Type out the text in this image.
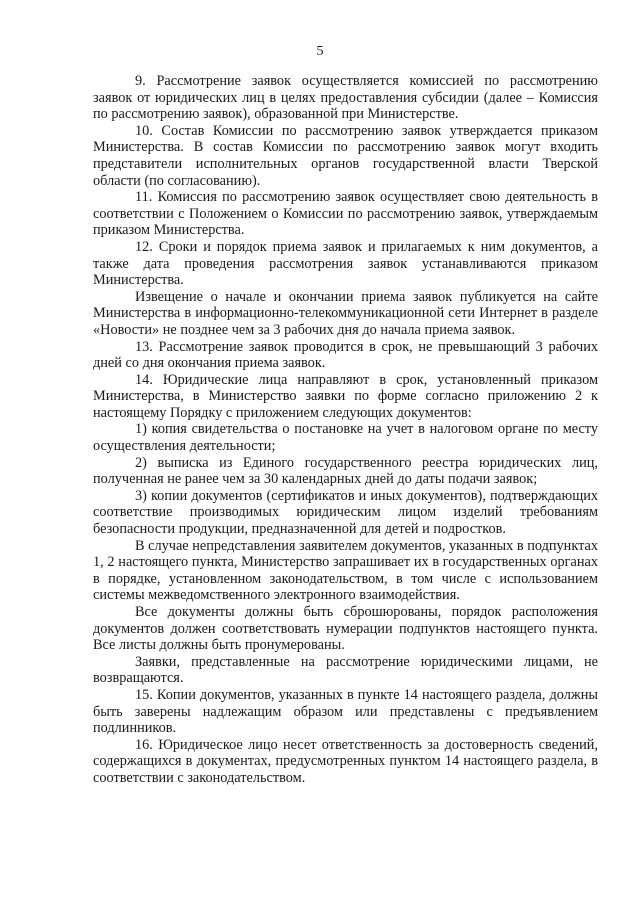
5

9. Рассмотрение заявок осуществляется комиссией по рассмотрению заявок от юридических лиц в целях предоставления субсидии (далее – Комиссия по рассмотрению заявок), образованной при Министерстве.

10. Состав Комиссии по рассмотрению заявок утверждается приказом Министерства. В состав Комиссии по рассмотрению заявок могут входить представители исполнительных органов государственной власти Тверской области (по согласованию).

11. Комиссия по рассмотрению заявок осуществляет свою деятельность в соответствии с Положением о Комиссии по рассмотрению заявок, утверждаемым приказом Министерства.

12. Сроки и порядок приема заявок и прилагаемых к ним документов, а также дата проведения рассмотрения заявок устанавливаются приказом Министерства.

Извещение о начале и окончании приема заявок публикуется на сайте Министерства в информационно-телекоммуникационной сети Интернет в разделе «Новости» не позднее чем за 3 рабочих дня до начала приема заявок.

13. Рассмотрение заявок проводится в срок, не превышающий 3 рабочих дней со дня окончания приема заявок.

14. Юридические лица направляют в срок, установленный приказом Министерства, в Министерство заявки по форме согласно приложению 2 к настоящему Порядку с приложением следующих документов:

1) копия свидетельства о постановке на учет в налоговом органе по месту осуществления деятельности;

2) выписка из Единого государственного реестра юридических лиц, полученная не ранее чем за 30 календарных дней до даты подачи заявок;

3) копии документов (сертификатов и иных документов), подтверждающих соответствие производимых юридическим лицом изделий требованиям безопасности продукции, предназначенной для детей и подростков.

В случае непредставления заявителем документов, указанных в подпунктах 1, 2 настоящего пункта, Министерство запрашивает их в государственных органах в порядке, установленном законодательством, в том числе с использованием системы межведомственного электронного взаимодействия.

Все документы должны быть сброшюрованы, порядок расположения документов должен соответствовать нумерации подпунктов настоящего пункта. Все листы должны быть пронумерованы.

Заявки, представленные на рассмотрение юридическими лицами, не возвращаются.

15. Копии документов, указанных в пункте 14 настоящего раздела, должны быть заверены надлежащим образом или представлены с предъявлением подлинников.

16. Юридическое лицо несет ответственность за достоверность сведений, содержащихся в документах, предусмотренных пунктом 14 настоящего раздела, в соответствии с законодательством.
